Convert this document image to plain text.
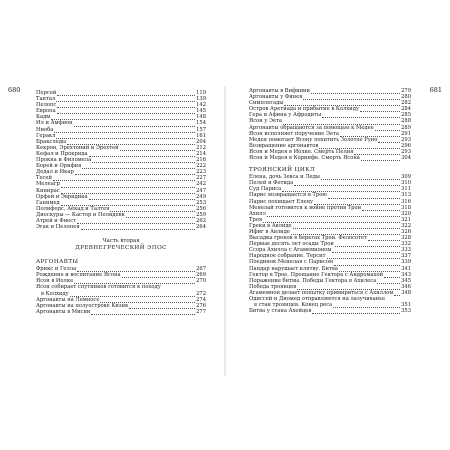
680	Персей	119
Тантал	139
Пелопс	142
Европа	145
Кадм	148
Ил и Амфион	154
Ниоба	157
Геракл	161
Бракследы	204
Кекрон, Эрехтоний и Эрехтей	212
Кефал и Прокрида	214
Прокна и Филомела	216
Борей и Орифия	222
Дедал и Икар	223
Тесей	227
Мелеагр	242
Кинирас	247
Орфей и Эвридика	249
Ганимед	253
Полифорс, Аёкад и Талтея	256
Диоскуры — Кастор и Полидевк	259
Атрей и Фиест	262
Эгак и Пелопея	264
Часть вторая
ДРЕВНЕГРЕЧЕСКИЙ ЭПОС
АРГОНАВТЫ
Фрикс и Гелла	267
Рождение и воспитание Ясона	269
Ясон в Иолке	270
Ясон собирает спутников готовится к походу
в Колхиду	272
Аргонавты на Лемносе	274
Аргонавты на полуострове Кизик	276
Аргонавты в Мисии	277
681
Аргонавты в Вифинии	279
Аргонавты у Финея	280
Симплегады	282
Остров Аретиада и прибытие в Колхиду	284
Гера и Афина у Афродиты	285
Ясон у Эета	288
Аргонавты обращаются за помощью к Медее	289
Ясон исполняет поручение Эета	291
Медея помогает Ясону похитить Золотое Руно	293
Возвращение аргонавтов	296
Ясон и Медея в Иолке. Смерть Пелия	293
Ясон и Медея в Коринфе. Смерть Ясона	304
ТРОЯНСКИЙ ЦИКЛ
Елена, дочь Зевса и Леды	309
Пелей и Фетида	310
Суд Париса	311
Парис возвращается в Трою	313
Парис похищает Елену	316
Менелай готовится к войне против Трои	318
Ахилл	320
Троя	321
Греки в Авлиде	322
Ифиг в Авлиде	326
Высадка греков в берегах Трои. Фелосотет	328
Первые десять лет осады Трои	332
Ссора Ахилла с Агамемноном	333
Народное собрание. Терсит	337
Поединок Менелая с Парисом	339
Пандар нарушает клятву. Битва	341
Гектор в Трое. Прощание Гектора с Андромахой	343
Поражение битвы. Победы Гектора в Ахилеса	345
Победа троянцев	346
Агамемнон делает попытку примириться с Ахиллом 348
Одиссей и Диомед отправляются на лазучиванье
в стан троянцев. Конец реса	351
Битва у стана Ахейцев	353
